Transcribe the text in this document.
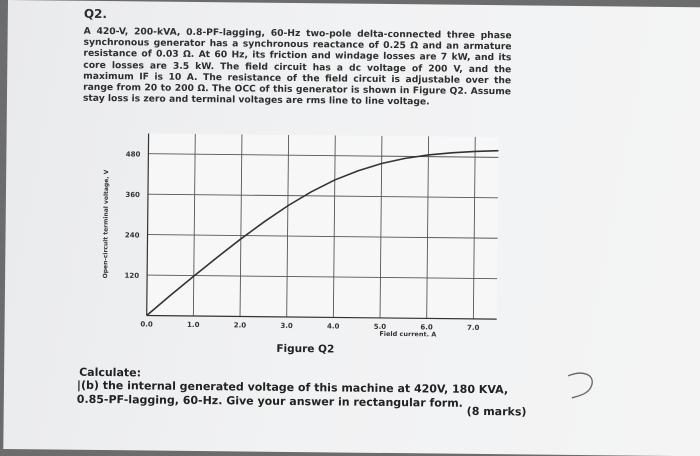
Q2.
A 420-V, 200-kVA, 0.8-PF-lagging, 60-Hz two-pole delta-connected three phase synchronous generator has a synchronous reactance of 0.25 Ω and an armature resistance of 0.03 Ω. At 60 Hz, its friction and windage losses are 7 kW, and its core losses are 3.5 kW. The field circuit has a dc voltage of 200 V, and the maximum IF is 10 A. The resistance of the field circuit is adjustable over the range from 20 to 200 Ω. The OCC of this generator is shown in Figure Q2. Assume stay loss is zero and terminal voltages are rms line to line voltage.
0.0	1.0	2.0	3.0	4.0	5.0	6.0	7.0
120
240
360
480
Field current, A
Open-circuit terminal voltage, V
Figure Q2
Calculate:
|(b) the internal generated voltage of this machine at 420V, 180 KVA, 0.85-PF-lagging, 60-Hz. Give your answer in rectangular form.
(8 marks)
